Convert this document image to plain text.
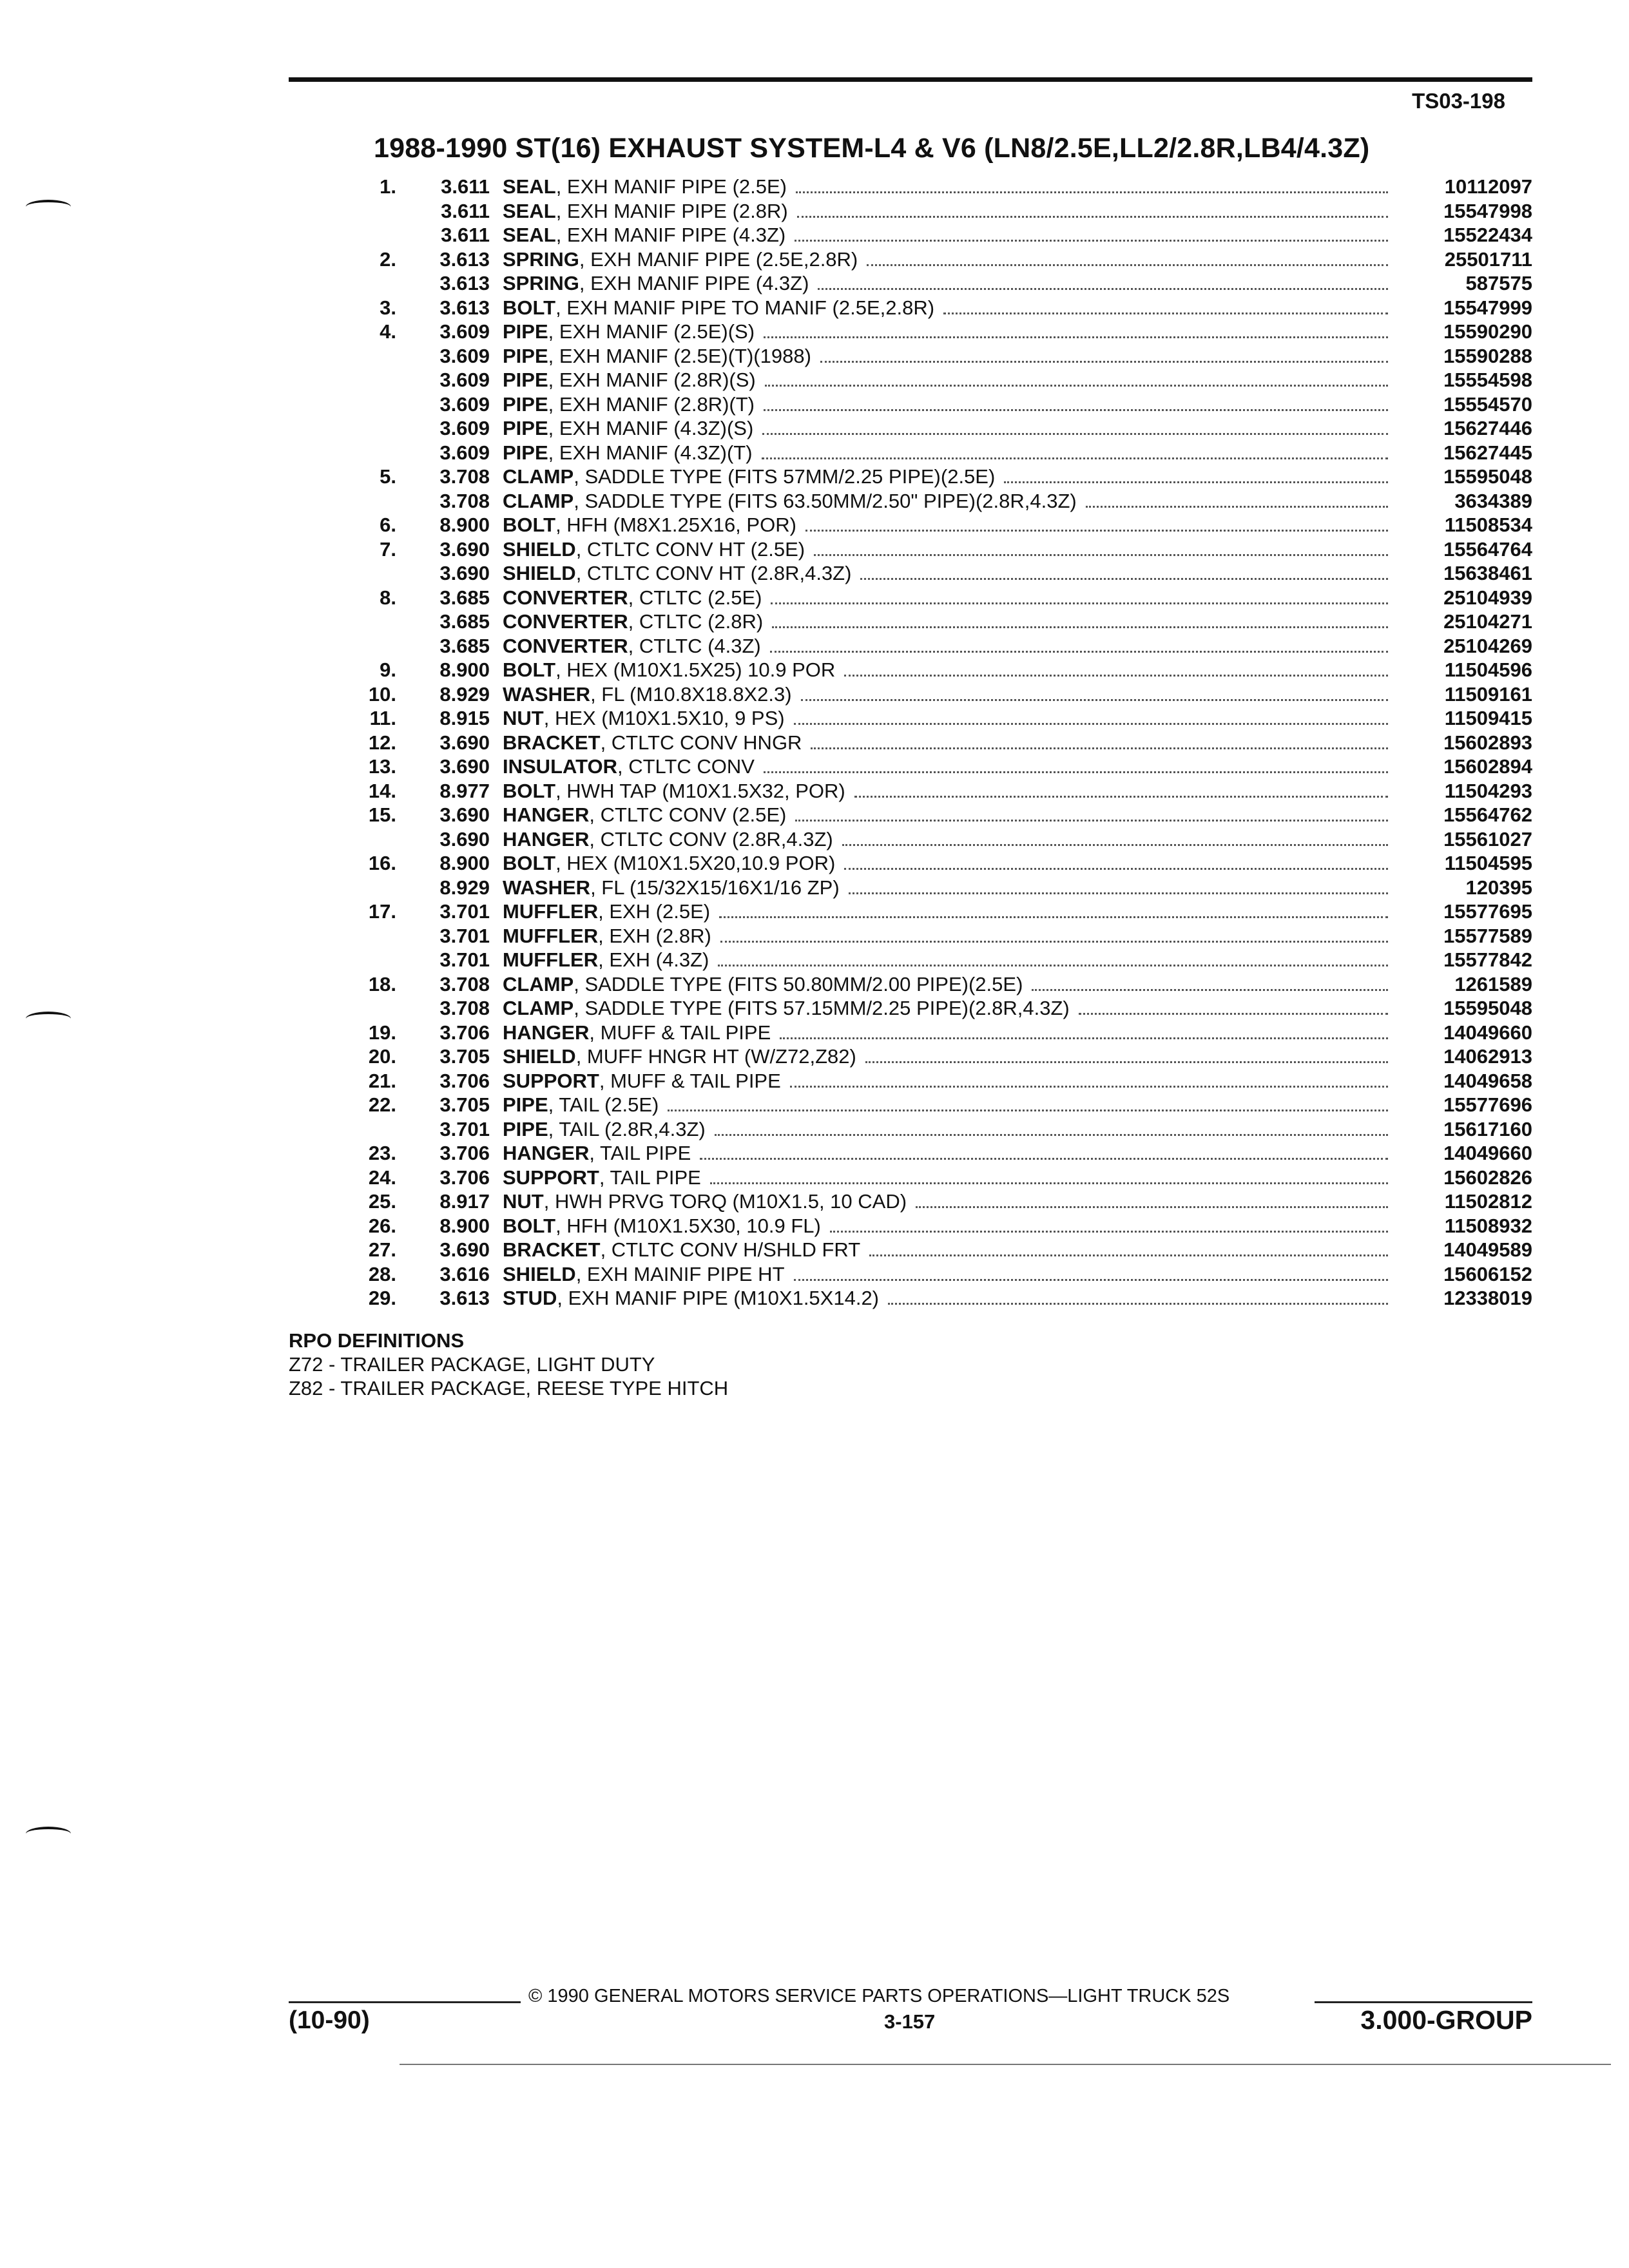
TS03-198
1988-1990 ST(16) EXHAUST SYSTEM-L4 & V6 (LN8/2.5E,LL2/2.8R,LB4/4.3Z)
1.	3.611 SEAL , EXH MANIF PIPE (2.5E)	10112097
3.611 SEAL , EXH MANIF PIPE (2.8R)	15547998
3.611 SEAL , EXH MANIF PIPE (4.3Z)	15522434
2.	3.613 SPRING , EXH MANIF PIPE (2.5E,2.8R)	25501711
3.613 SPRING , EXH MANIF PIPE (4.3Z)	587575
3.	3.613 BOLT , EXH MANIF PIPE TO MANIF (2.5E,2.8R)	15547999
4.	3.609 PIPE , EXH MANIF (2.5E)(S)	15590290
3.609 PIPE , EXH MANIF (2.5E)(T)(1988)	15590288
3.609 PIPE , EXH MANIF (2.8R)(S)	15554598
3.609 PIPE , EXH MANIF (2.8R)(T)	15554570
3.609 PIPE , EXH MANIF (4.3Z)(S)	15627446
3.609 PIPE , EXH MANIF (4.3Z)(T)	15627445
5.	3.708 CLAMP , SADDLE TYPE (FITS 57MM/2.25 PIPE)(2.5E)	15595048
3.708 CLAMP , SADDLE TYPE (FITS 63.50MM/2.50" PIPE)(2.8R,4.3Z)	3634389
6.	8.900 BOLT , HFH (M8X1.25X16, POR)	11508534
7.	3.690 SHIELD , CTLTC CONV HT (2.5E)	15564764
3.690 SHIELD , CTLTC CONV HT (2.8R,4.3Z)	15638461
8.	3.685 CONVERTER , CTLTC (2.5E)	25104939
3.685 CONVERTER , CTLTC (2.8R)	25104271
3.685 CONVERTER , CTLTC (4.3Z)	25104269
9.	8.900 BOLT , HEX (M10X1.5X25) 10.9 POR	11504596
10.	8.929 WASHER , FL (M10.8X18.8X2.3)	11509161
11.	8.915 NUT , HEX (M10X1.5X10, 9 PS)	11509415
12.	3.690 BRACKET , CTLTC CONV HNGR	15602893
13.	3.690 INSULATOR , CTLTC CONV	15602894
14.	8.977 BOLT , HWH TAP (M10X1.5X32, POR)	11504293
15.	3.690 HANGER , CTLTC CONV (2.5E)	15564762
3.690 HANGER , CTLTC CONV (2.8R,4.3Z)	15561027
16.	8.900 BOLT , HEX (M10X1.5X20,10.9 POR)	11504595
8.929 WASHER , FL (15/32X15/16X1/16 ZP)	120395
17.	3.701 MUFFLER , EXH (2.5E)	15577695
3.701 MUFFLER , EXH (2.8R)	15577589
3.701 MUFFLER , EXH (4.3Z)	15577842
18.	3.708 CLAMP , SADDLE TYPE (FITS 50.80MM/2.00 PIPE)(2.5E)	1261589
3.708 CLAMP , SADDLE TYPE (FITS 57.15MM/2.25 PIPE)(2.8R,4.3Z)	15595048
19.	3.706 HANGER , MUFF & TAIL PIPE	14049660
20.	3.705 SHIELD , MUFF HNGR HT (W/Z72,Z82)	14062913
21.	3.706 SUPPORT , MUFF & TAIL PIPE	14049658
22.	3.705 PIPE , TAIL (2.5E)	15577696
3.701 PIPE , TAIL (2.8R,4.3Z)	15617160
23.	3.706 HANGER , TAIL PIPE	14049660
24.	3.706 SUPPORT , TAIL PIPE	15602826
25.	8.917 NUT , HWH PRVG TORQ (M10X1.5, 10 CAD)	11502812
26.	8.900 BOLT , HFH (M10X1.5X30, 10.9 FL)	11508932
27.	3.690 BRACKET , CTLTC CONV H/SHLD FRT	14049589
28.	3.616 SHIELD , EXH MAINIF PIPE HT	15606152
29.	3.613 STUD , EXH MANIF PIPE (M10X1.5X14.2)	12338019
RPO DEFINITIONS
Z72 - TRAILER PACKAGE, LIGHT DUTY
Z82 - TRAILER PACKAGE, REESE TYPE HITCH
© 1990 GENERAL MOTORS SERVICE PARTS OPERATIONS—LIGHT TRUCK 52S
(10-90)	3-157	3.000-GROUP
